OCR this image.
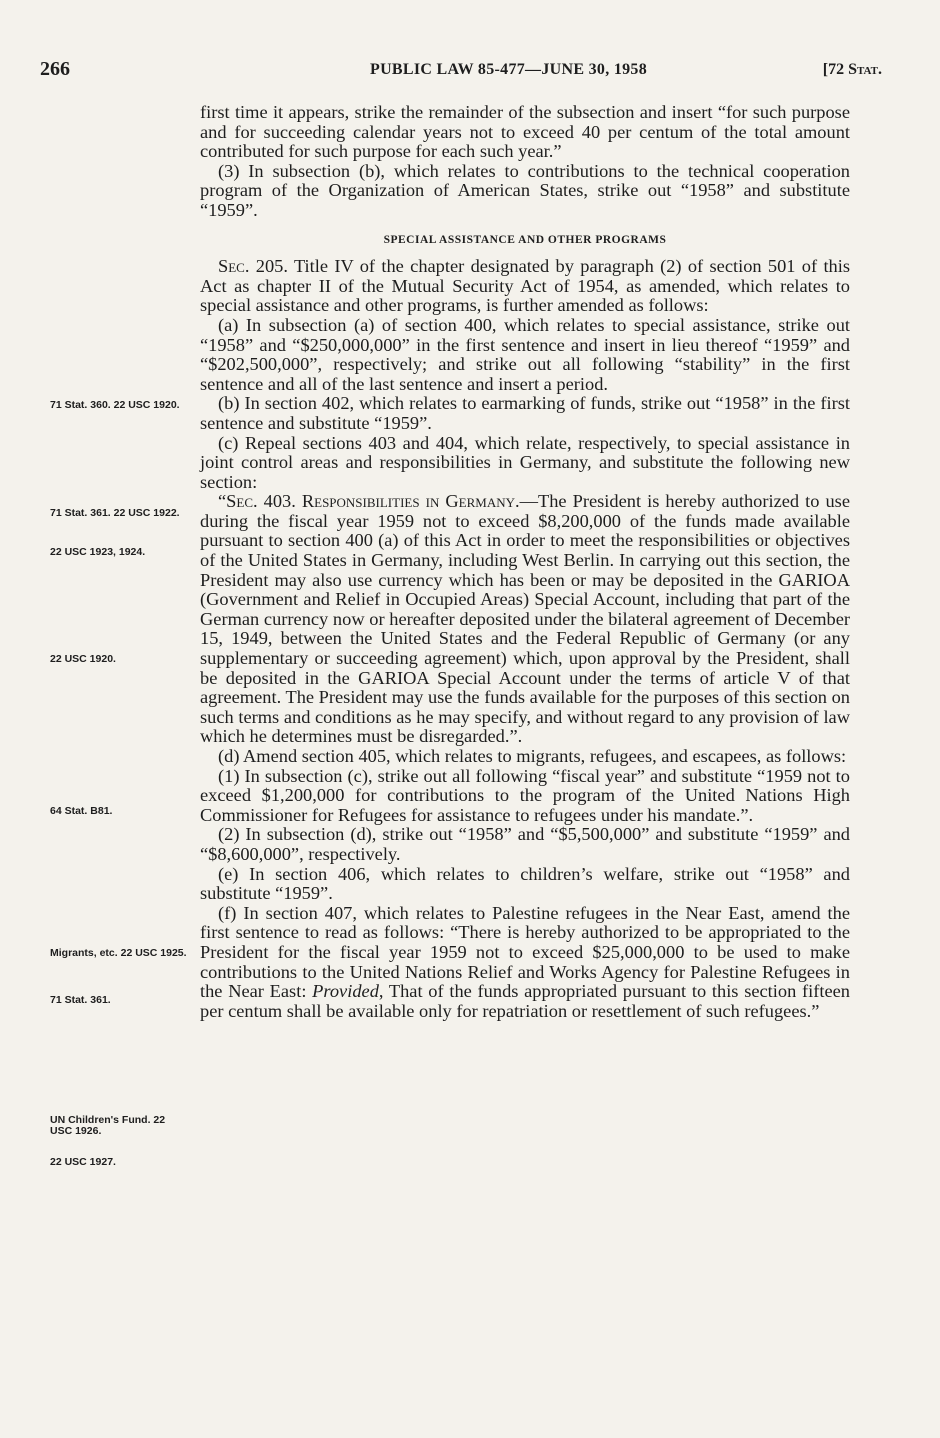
266	PUBLIC LAW 85-477—JUNE 30, 1958	[72 Stat.
71 Stat. 360. 22 USC 1920.
71 Stat. 361. 22 USC 1922.
22 USC 1923, 1924.
22 USC 1920.
64 Stat. B81.
Migrants, etc. 22 USC 1925.
71 Stat. 361.
UN Children's Fund. 22 USC 1926.
22 USC 1927.

first time it appears, strike the remainder of the subsection and insert “for such purpose and for succeeding calendar years not to exceed 40 per centum of the total amount contributed for such purpose for each such year.”

(3) In subsection (b), which relates to contributions to the technical cooperation program of the Organization of American States, strike out “1958” and substitute “1959”.

SPECIAL ASSISTANCE AND OTHER PROGRAMS

Sec. 205. Title IV of the chapter designated by paragraph (2) of section 501 of this Act as chapter II of the Mutual Security Act of 1954, as amended, which relates to special assistance and other programs, is further amended as follows:

(a) In subsection (a) of section 400, which relates to special assistance, strike out “1958” and “$250,000,000” in the first sentence and insert in lieu thereof “1959” and “$202,500,000”, respectively; and strike out all following “stability” in the first sentence and all of the last sentence and insert a period.

(b) In section 402, which relates to earmarking of funds, strike out “1958” in the first sentence and substitute “1959”.

(c) Repeal sections 403 and 404, which relate, respectively, to special assistance in joint control areas and responsibilities in Germany, and substitute the following new section:

“Sec. 403. Responsibilities in Germany.—The President is hereby authorized to use during the fiscal year 1959 not to exceed $8,200,000 of the funds made available pursuant to section 400 (a) of this Act in order to meet the responsibilities or objectives of the United States in Germany, including West Berlin. In carrying out this section, the President may also use currency which has been or may be deposited in the GARIOA (Government and Relief in Occupied Areas) Special Account, including that part of the German currency now or hereafter deposited under the bilateral agreement of December 15, 1949, between the United States and the Federal Republic of Germany (or any supplementary or succeeding agreement) which, upon approval by the President, shall be deposited in the GARIOA Special Account under the terms of article V of that agreement. The President may use the funds available for the purposes of this section on such terms and conditions as he may specify, and without regard to any provision of law which he determines must be disregarded.”.

(d) Amend section 405, which relates to migrants, refugees, and escapees, as follows:

(1) In subsection (c), strike out all following “fiscal year” and substitute “1959 not to exceed $1,200,000 for contributions to the program of the United Nations High Commissioner for Refugees for assistance to refugees under his mandate.”.

(2) In subsection (d), strike out “1958” and “$5,500,000” and substitute “1959” and “$8,600,000”, respectively.

(e) In section 406, which relates to children’s welfare, strike out “1958” and substitute “1959”.

(f) In section 407, which relates to Palestine refugees in the Near East, amend the first sentence to read as follows: “There is hereby authorized to be appropriated to the President for the fiscal year 1959 not to exceed $25,000,000 to be used to make contributions to the United Nations Relief and Works Agency for Palestine Refugees in the Near East: Provided, That of the funds appropriated pursuant to this section fifteen per centum shall be available only for repatriation or resettlement of such refugees.”
